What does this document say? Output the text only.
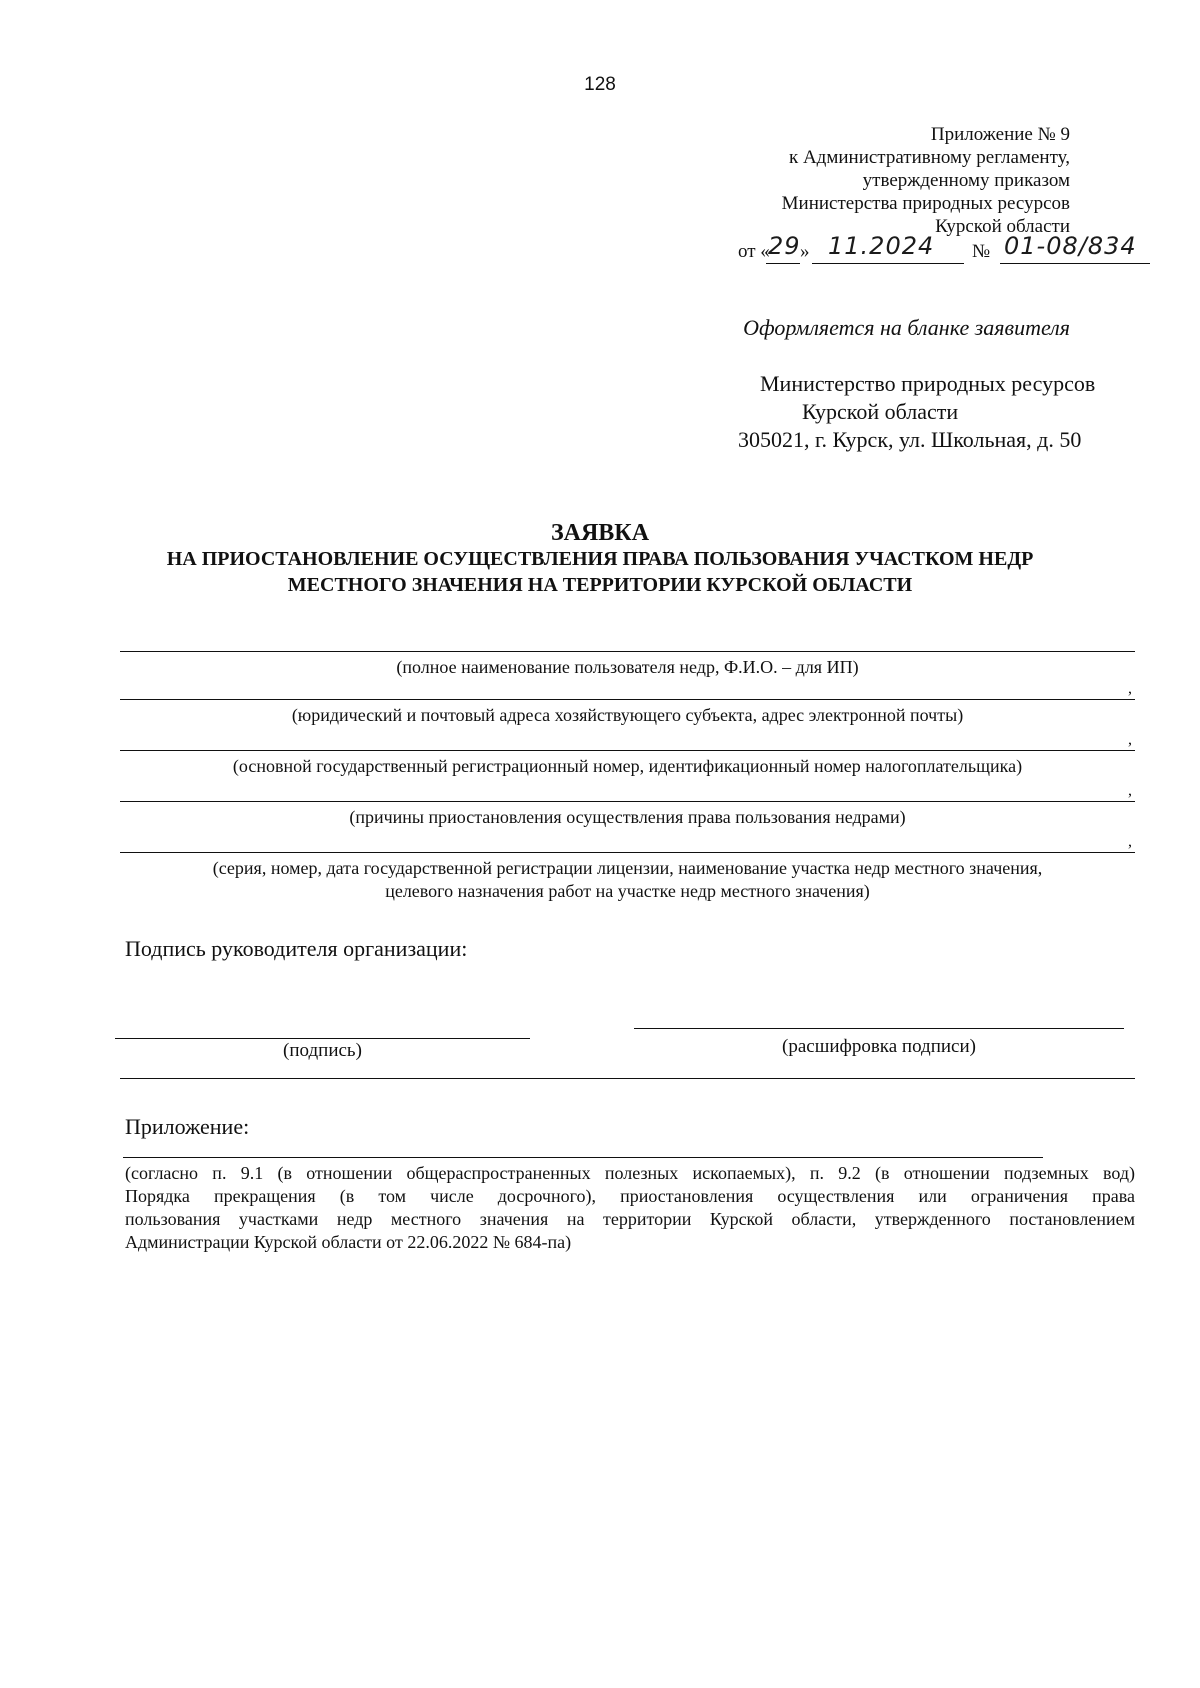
128
Приложение № 9
к Административному регламенту,
утвержденному приказом
Министерства природных ресурсов
Курской области
от «
29 » 11.2024 № 01-08/834
Оформляется на бланке заявителя
Министерство природных ресурсов
Курской области
305021, г. Курск, ул. Школьная, д. 50
ЗАЯВКА
НА ПРИОСТАНОВЛЕНИЕ ОСУЩЕСТВЛЕНИЯ ПРАВА ПОЛЬЗОВАНИЯ УЧАСТКОМ НЕДР
МЕСТНОГО ЗНАЧЕНИЯ НА ТЕРРИТОРИИ КУРСКОЙ ОБЛАСТИ
(полное наименование пользователя недр, Ф.И.О. – для ИП)
,
(юридический и почтовый адреса хозяйствующего субъекта, адрес электронной почты)
,
(основной государственный регистрационный номер, идентификационный номер налогоплательщика)
,
(причины приостановления осуществления права пользования недрами)
,
(серия, номер, дата государственной регистрации лицензии, наименование участка недр местного значения,
целевого назначения работ на участке недр местного значения)
Подпись руководителя организации:
(подпись)	(расшифровка подписи)
Приложение:
(согласно п. 9.1 (в отношении общераспространенных полезных ископаемых), п. 9.2 (в отношении подземных вод)
Порядка прекращения (в том числе досрочного), приостановления осуществления или ограничения права
пользования участками недр местного значения на территории Курской области, утвержденного постановлением
Администрации Курской области от 22.06.2022 № 684-па)
